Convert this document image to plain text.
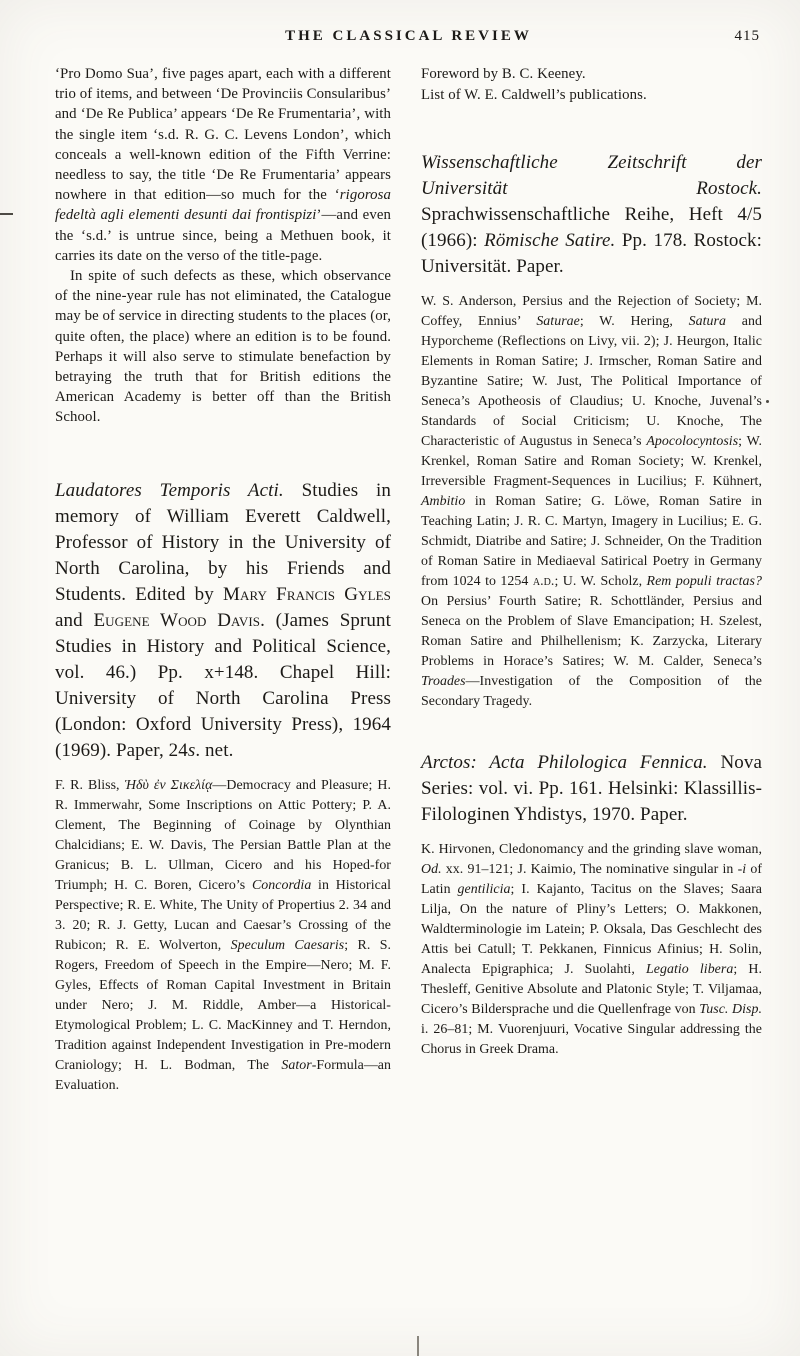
THE CLASSICAL REVIEW	415

‘Pro Domo Sua’, five pages apart, each with a different trio of items, and between ‘De Provinciis Consularibus’ and ‘De Re Publica’ appears ‘De Re Frumentaria’, with the single item ‘s.d. R. G. C. Levens London’, which conceals a well-known edition of the Fifth Verrine: needless to say, the title ‘De Re Frumentaria’ appears nowhere in that edition—so much for the ‘rigorosa fedeltà agli elementi desunti dai frontispizi’—and even the ‘s.d.’ is untrue since, being a Methuen book, it carries its date on the verso of the title-page.

In spite of such defects as these, which observance of the nine-year rule has not eliminated, the Catalogue may be of service in directing students to the places (or, quite often, the place) where an edition is to be found. Perhaps it will also serve to stimulate benefaction by betraying the truth that for British editions the American Academy is better off than the British School.

Laudatores Temporis Acti. Studies in memory of William Everett Caldwell, Professor of History in the University of North Carolina, by his Friends and Students. Edited by Mary Francis Gyles and Eugene Wood Davis. (James Sprunt Studies in History and Political Science, vol. 46.) Pp. x+148. Chapel Hill: University of North Carolina Press (London: Oxford University Press), 1964 (1969). Paper, 24s. net.

F. R. Bliss, Ἡδὺ ἐν Σικελίᾳ—Democracy and Pleasure; H. R. Immerwahr, Some Inscriptions on Attic Pottery; P. A. Clement, The Beginning of Coinage by Olynthian Chalcidians; E. W. Davis, The Persian Battle Plan at the Granicus; B. L. Ullman, Cicero and his Hoped-for Triumph; H. C. Boren, Cicero’s Concordia in Historical Perspective; R. E. White, The Unity of Propertius 2. 34 and 3. 20; R. J. Getty, Lucan and Caesar’s Crossing of the Rubicon; R. E. Wolverton, Speculum Caesaris; R. S. Rogers, Freedom of Speech in the Empire—Nero; M. F. Gyles, Effects of Roman Capital Investment in Britain under Nero; J. M. Riddle, Amber—a Historical-Etymological Problem; L. C. MacKinney and T. Herndon, Tradition against Independent Investigation in Pre-modern Craniology; H. L. Bodman, The Sator-Formula—an Evaluation.

Foreword by B. C. Keeney.

List of W. E. Caldwell’s publications.

Wissenschaftliche Zeitschrift der Universität Rostock. Sprachwissenschaftliche Reihe, Heft 4/5 (1966): Römische Satire. Pp. 178. Rostock: Universität. Paper.

W. S. Anderson, Persius and the Rejection of Society; M. Coffey, Ennius’ Saturae; W. Hering, Satura and Hyporcheme (Reflections on Livy, vii. 2); J. Heurgon, Italic Elements in Roman Satire; J. Irmscher, Roman Satire and Byzantine Satire; W. Just, The Political Importance of Seneca’s Apotheosis of Claudius; U. Knoche, Juvenal’s Standards of Social Criticism; U. Knoche, The Characteristic of Augustus in Seneca’s Apocolocyntosis; W. Krenkel, Roman Satire and Roman Society; W. Krenkel, Irreversible Fragment-Sequences in Lucilius; F. Kühnert, Ambitio in Roman Satire; G. Löwe, Roman Satire in Teaching Latin; J. R. C. Martyn, Imagery in Lucilius; E. G. Schmidt, Diatribe and Satire; J. Schneider, On the Tradition of Roman Satire in Mediaeval Satirical Poetry in Germany from 1024 to 1254 a.d.; U. W. Scholz, Rem populi tractas? On Persius’ Fourth Satire; R. Schottländer, Persius and Seneca on the Problem of Slave Emancipation; H. Szelest, Roman Satire and Philhellenism; K. Zarzycka, Literary Problems in Horace’s Satires; W. M. Calder, Seneca’s Troades—Investigation of the Composition of the Secondary Tragedy.

Arctos: Acta Philologica Fennica. Nova Series: vol. vi. Pp. 161. Helsinki: Klassillis-Filologinen Yhdistys, 1970. Paper.

K. Hirvonen, Cledonomancy and the grinding slave woman, Od. xx. 91–121; J. Kaimio, The nominative singular in -i of Latin gentilicia; I. Kajanto, Tacitus on the Slaves; Saara Lilja, On the nature of Pliny’s Letters; O. Makkonen, Waldterminologie im Latein; P. Oksala, Das Geschlecht des Attis bei Catull; T. Pekkanen, Finnicus Afinius; H. Solin, Analecta Epigraphica; J. Suolahti, Legatio libera; H. Thesleff, Genitive Absolute and Platonic Style; T. Viljamaa, Cicero’s Bildersprache und die Quellenfrage von Tusc. Disp. i. 26–81; M. Vuorenjuuri, Vocative Singular addressing the Chorus in Greek Drama.
